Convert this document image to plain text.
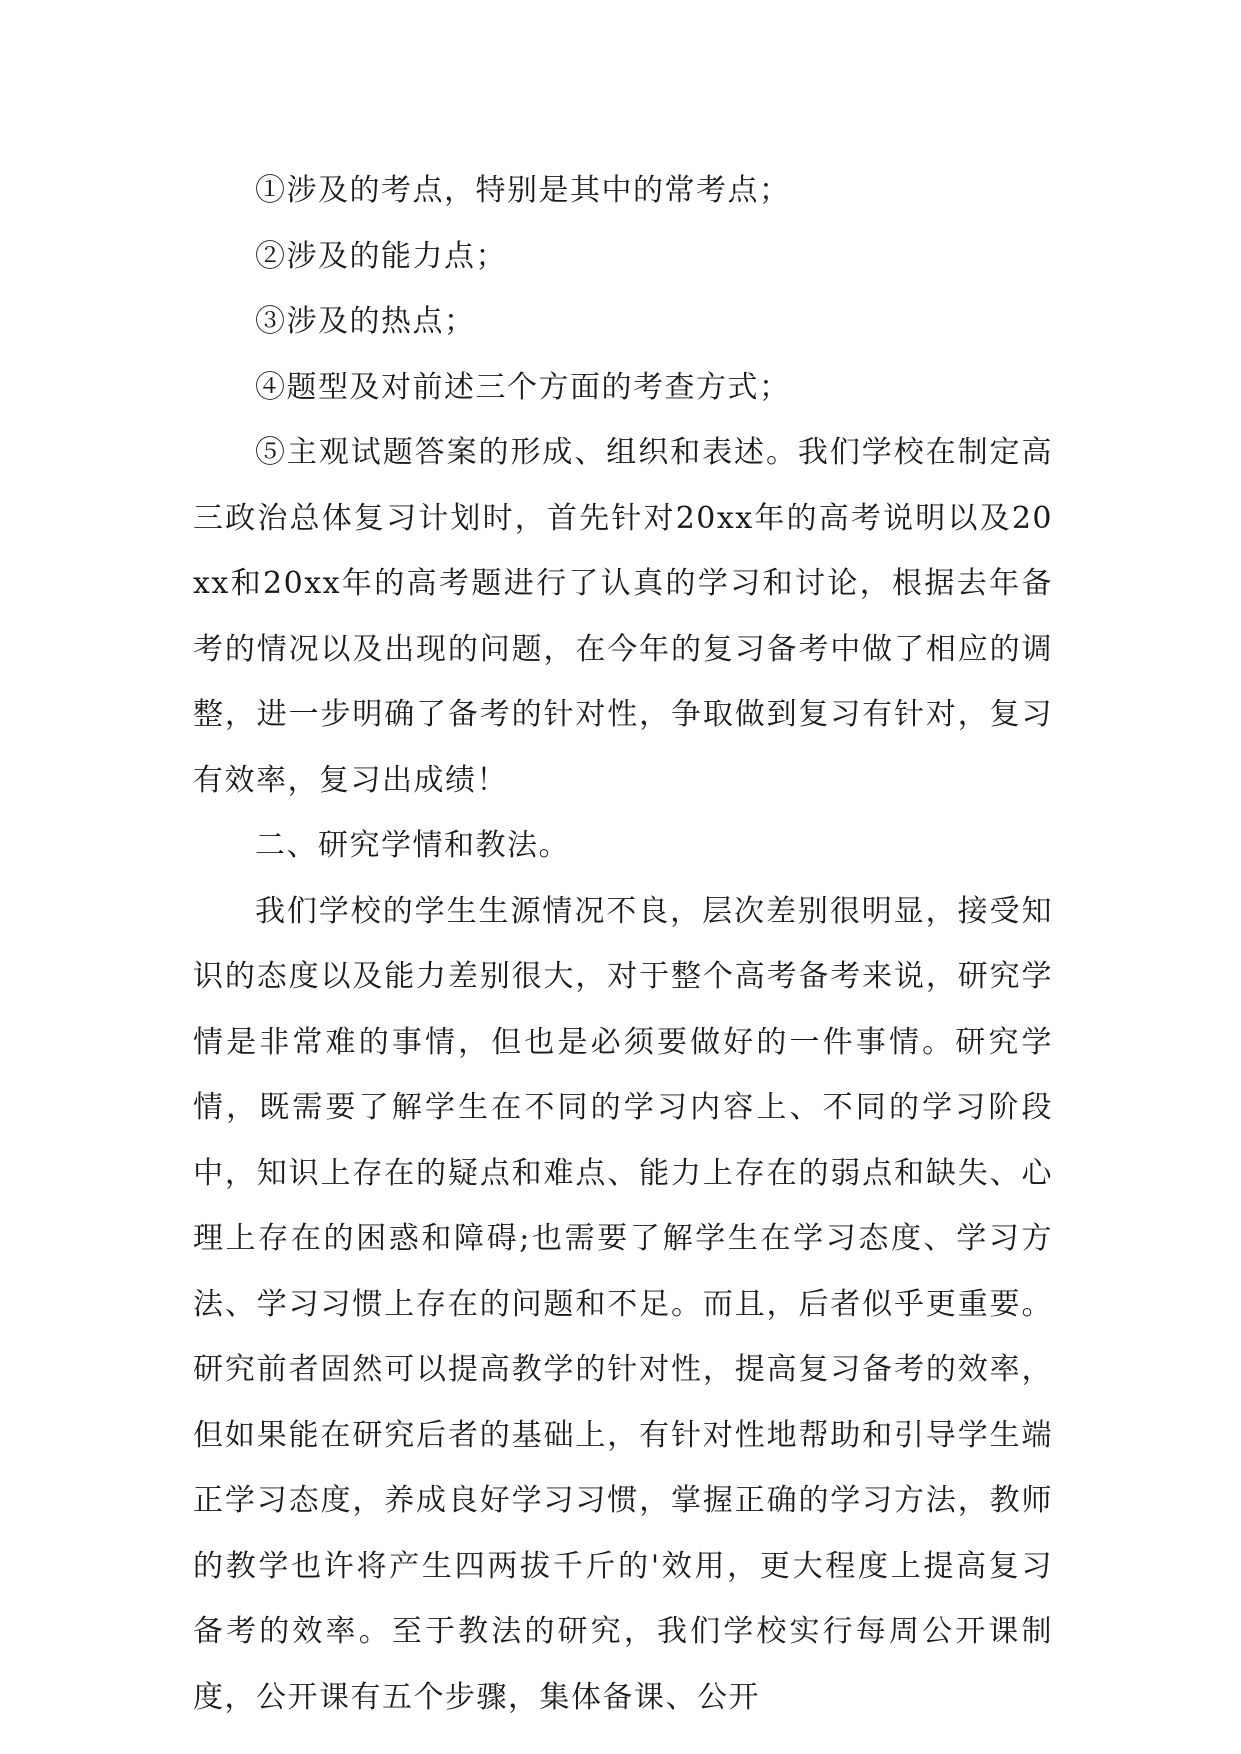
①涉及的考点，特别是其中的常考点；

②涉及的能力点；

③涉及的热点；

④题型及对前述三个方面的考查方式；

⑤主观试题答案的形成、组织和表述。我们学校在制定高三政治总体复习计划时，首先针对20xx年的高考说明以及20xx和20xx年的高考题进行了认真的学习和讨论，根据去年备考的情况以及出现的问题，在今年的复习备考中做了相应的调整，进一步明确了备考的针对性，争取做到复习有针对，复习有效率，复习出成绩！

二、研究学情和教法。

我们学校的学生生源情况不良，层次差别很明显，接受知识的态度以及能力差别很大，对于整个高考备考来说，研究学情是非常难的事情，但也是必须要做好的一件事情。研究学情，既需要了解学生在不同的学习内容上、不同的学习阶段中，知识上存在的疑点和难点、能力上存在的弱点和缺失、心理上存在的困惑和障碍;也需要了解学生在学习态度、学习方法、学习习惯上存在的问题和不足。而且，后者似乎更重要。研究前者固然可以提高教学的针对性，提高复习备考的效率，但如果能在研究后者的基础上，有针对性地帮助和引导学生端正学习态度，养成良好学习习惯，掌握正确的学习方法，教师的教学也许将产生四两拔千斤的'效用，更大程度上提高复习备考的效率。至于教法的研究，我们学校实行每周公开课制度，公开课有五个步骤，集体备课、公开
